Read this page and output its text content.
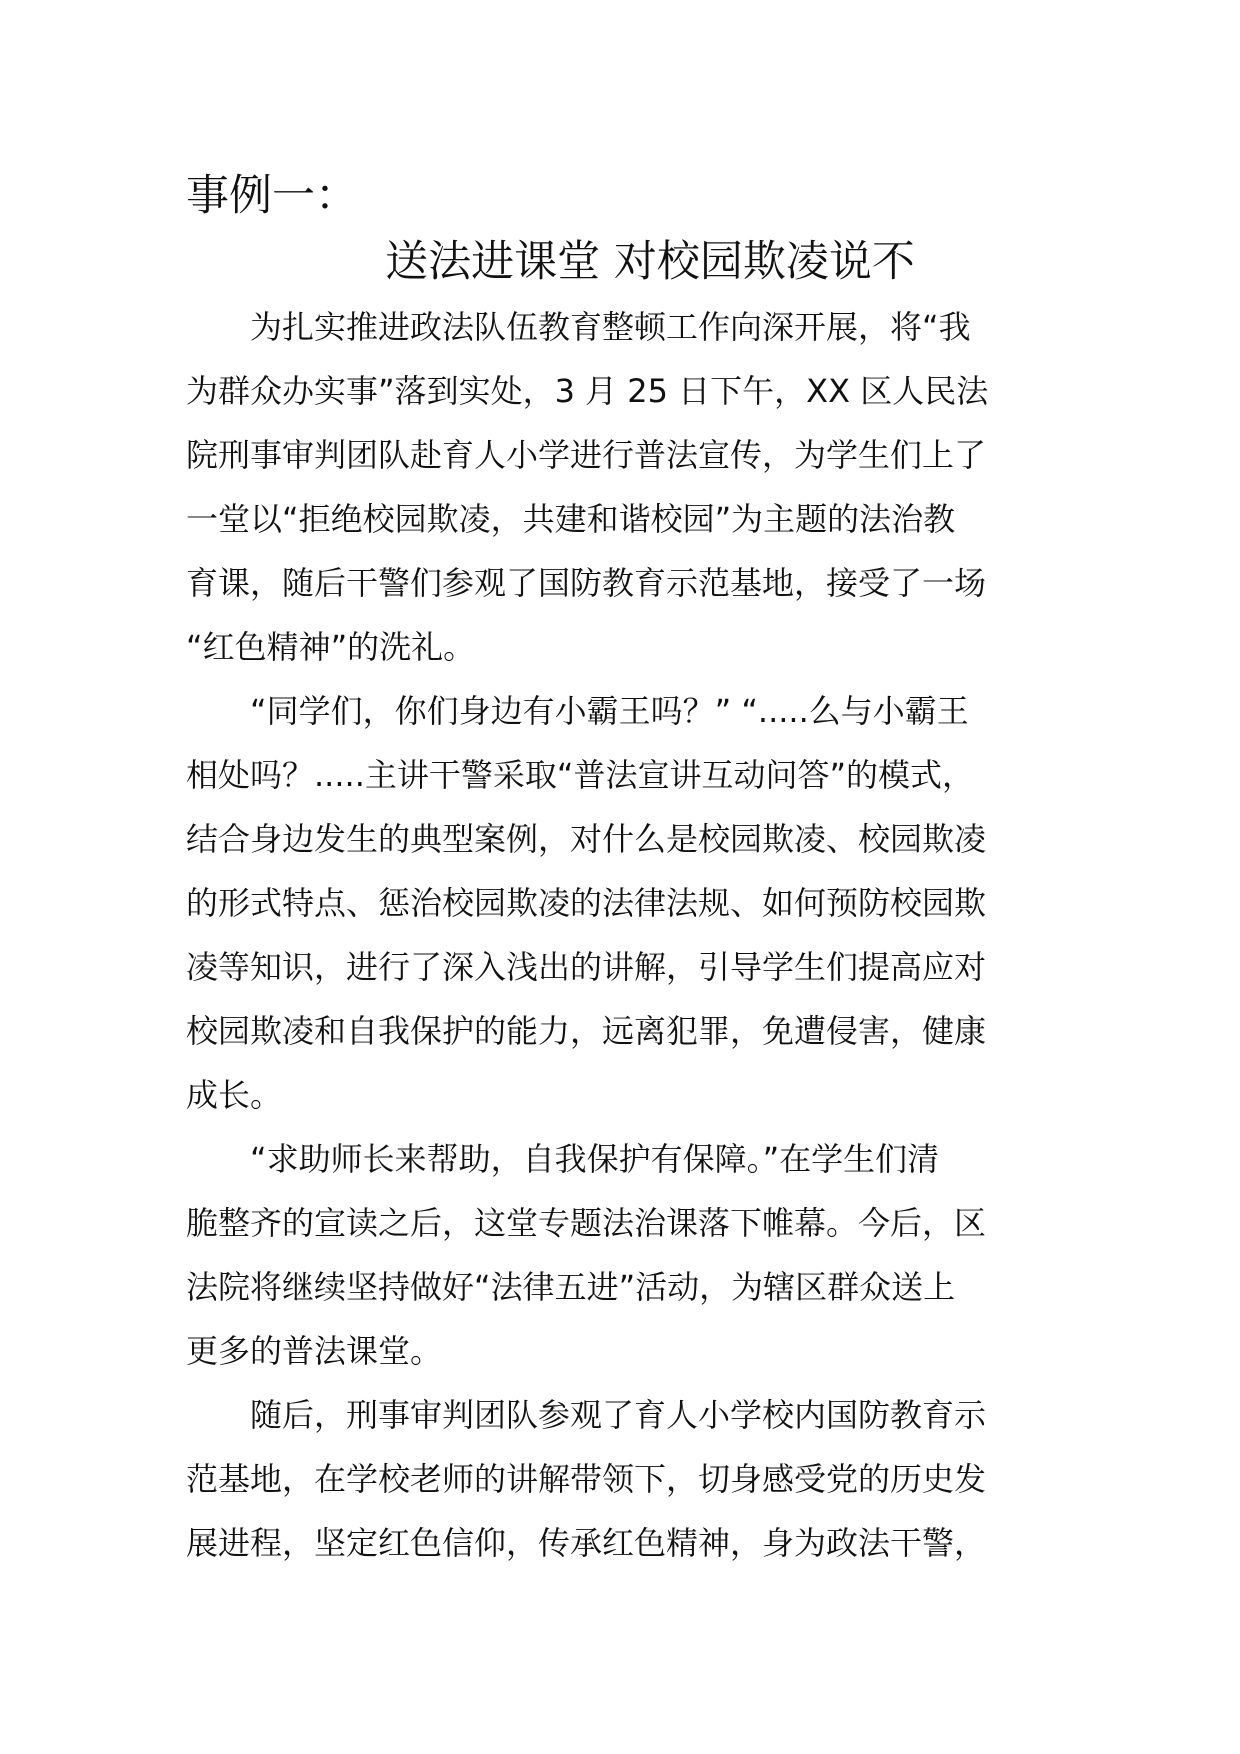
事例一：
送法进课堂 对校园欺凌说不
为扎实推进政法队伍教育整顿工作向深开展，将“我
为群众办实事”落到实处，3 月 25 日下午，XX 区人民法
院刑事审判团队赴育人小学进行普法宣传，为学生们上了
一堂以“拒绝校园欺凌，共建和谐校园”为主题的法治教
育课，随后干警们参观了国防教育示范基地，接受了一场
“红色精神”的洗礼。
“同学们，你们身边有小霸王吗？” “.....么与小霸王
相处吗？.....主讲干警采取“普法宣讲互动问答”的模式，
结合身边发生的典型案例，对什么是校园欺凌、校园欺凌
的形式特点、惩治校园欺凌的法律法规、如何预防校园欺
凌等知识，进行了深入浅出的讲解，引导学生们提高应对
校园欺凌和自我保护的能力，远离犯罪，免遭侵害，健康
成长。
“求助师长来帮助，自我保护有保障。”在学生们清
脆整齐的宣读之后，这堂专题法治课落下帷幕。今后，区
法院将继续坚持做好“法律五进”活动，为辖区群众送上
更多的普法课堂。
随后，刑事审判团队参观了育人小学校内国防教育示
范基地，在学校老师的讲解带领下，切身感受党的历史发
展进程，坚定红色信仰，传承红色精神，身为政法干警，
